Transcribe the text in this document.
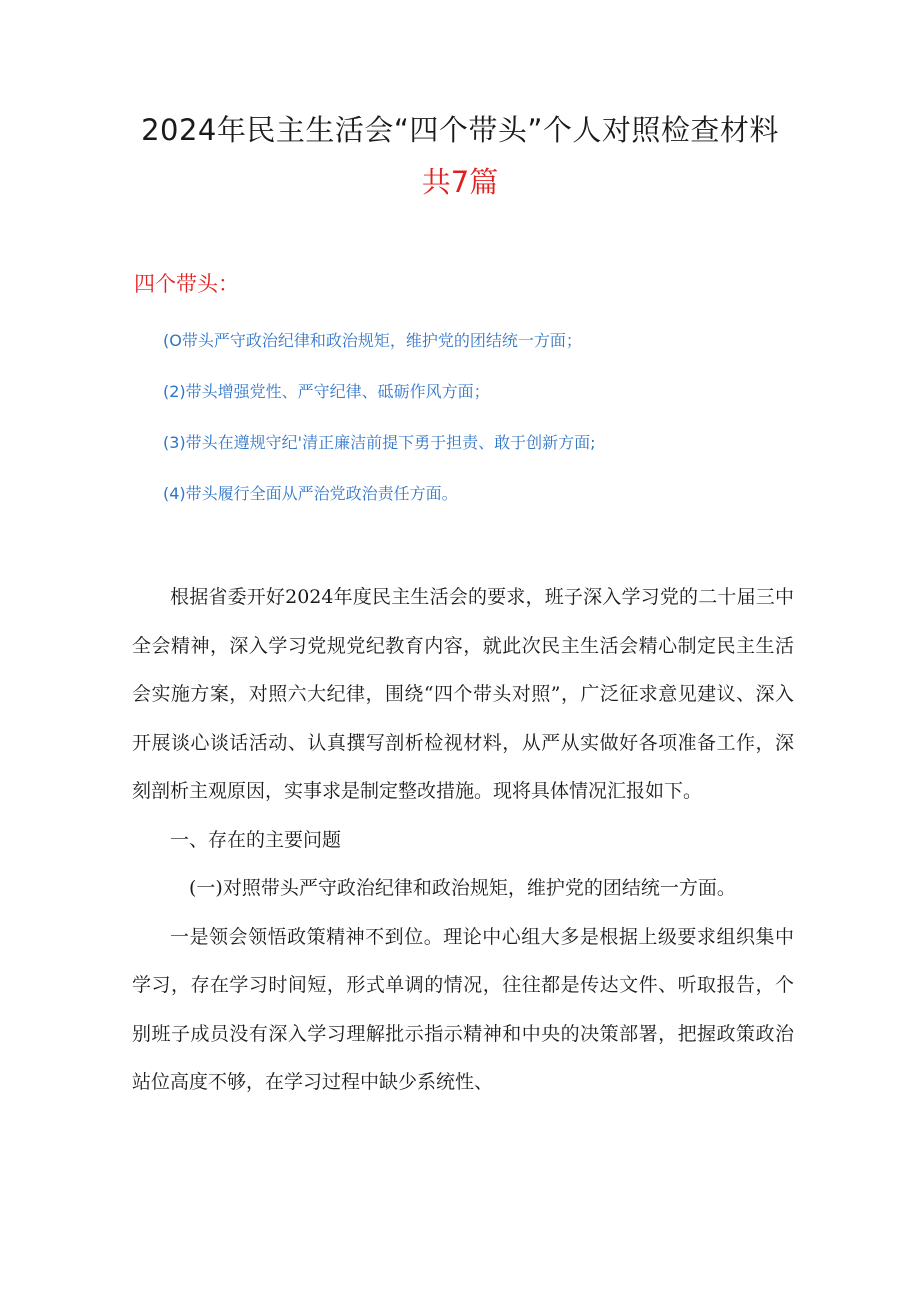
2024年民主生活会“四个带头”个人对照检查材料
共7篇
四个带头：
(O带头严守政治纪律和政治规矩，维护党的团结统一方面；
(2)带头增强党性、严守纪律、砥砺作风方面；
(3)带头在遵规守纪'清正廉洁前提下勇于担责、敢于创新方面;
(4)带头履行全面从严治党政治责任方面。

根据省委开好2024年度民主生活会的要求，班子深入学习党的二十届三中全会精神，深入学习党规党纪教育内容，就此次民主生活会精心制定民主生活会实施方案，对照六大纪律，围绕“四个带头对照”，广泛征求意见建议、深入开展谈心谈话活动、认真撰写剖析检视材料，从严从实做好各项准备工作，深刻剖析主观原因，实事求是制定整改措施。现将具体情况汇报如下。

一、存在的主要问题

(一)对照带头严守政治纪律和政治规矩，维护党的团结统一方面。

一是领会领悟政策精神不到位。理论中心组大多是根据上级要求组织集中学习，存在学习时间短，形式单调的情况，往往都是传达文件、听取报告，个别班子成员没有深入学习理解批示指示精神和中央的决策部署，把握政策政治站位高度不够，在学习过程中缺少系统性、
